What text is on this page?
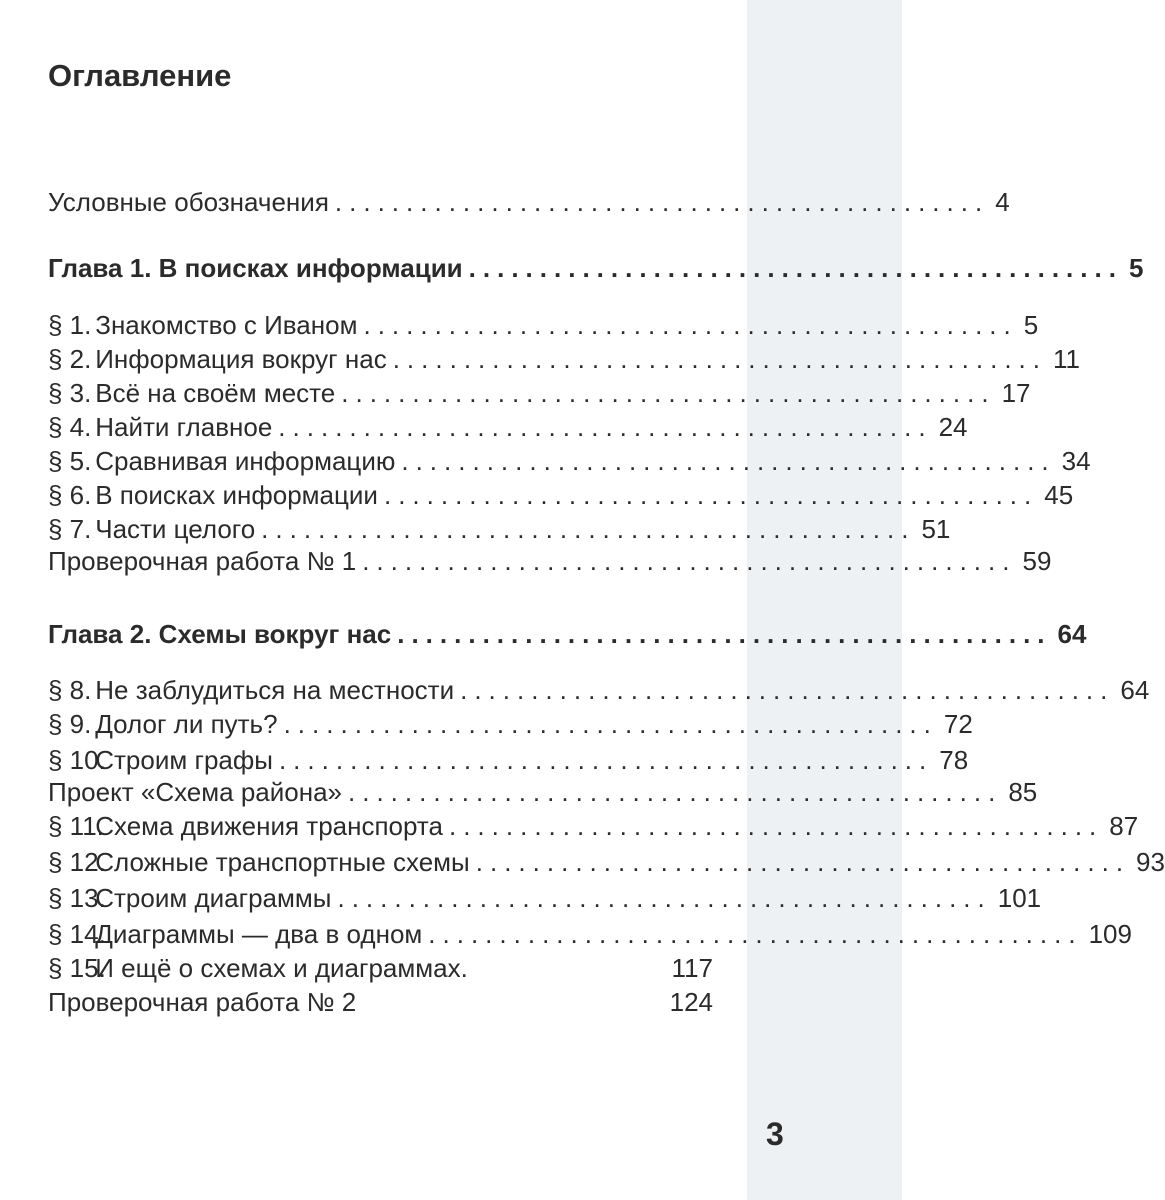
Оглавление
Условные обозначения .............................................. 4
Глава 1. В поисках информации .............................................. 5
§ 1. Знакомство с Иваном .............................................. 5
§ 2. Информация вокруг нас .............................................. 11
§ 3. Всё на своём месте .............................................. 17
§ 4. Найти главное .............................................. 24
§ 5. Сравнивая информацию .............................................. 34
§ 6. В поисках информации .............................................. 45
§ 7. Части целого .............................................. 51
Проверочная работа № 1 .............................................. 59
Глава 2. Схемы вокруг нас .............................................. 64
§ 8. Не заблудиться на местности .............................................. 64
§ 9. Долог ли путь? .............................................. 72
§ 10. Строим графы .............................................. 78
Проект «Схема района» .............................................. 85
§ 11. Схема движения транспорта .............................................. 87
§ 12. Сложные транспортные схемы .............................................. 93
§ 13. Строим диаграммы .............................................. 101
§ 14. Диаграммы — два в одном .............................................. 109
§ 15. И ещё о схемах и диаграммах.	117
Проверочная работа № 2	124
3
